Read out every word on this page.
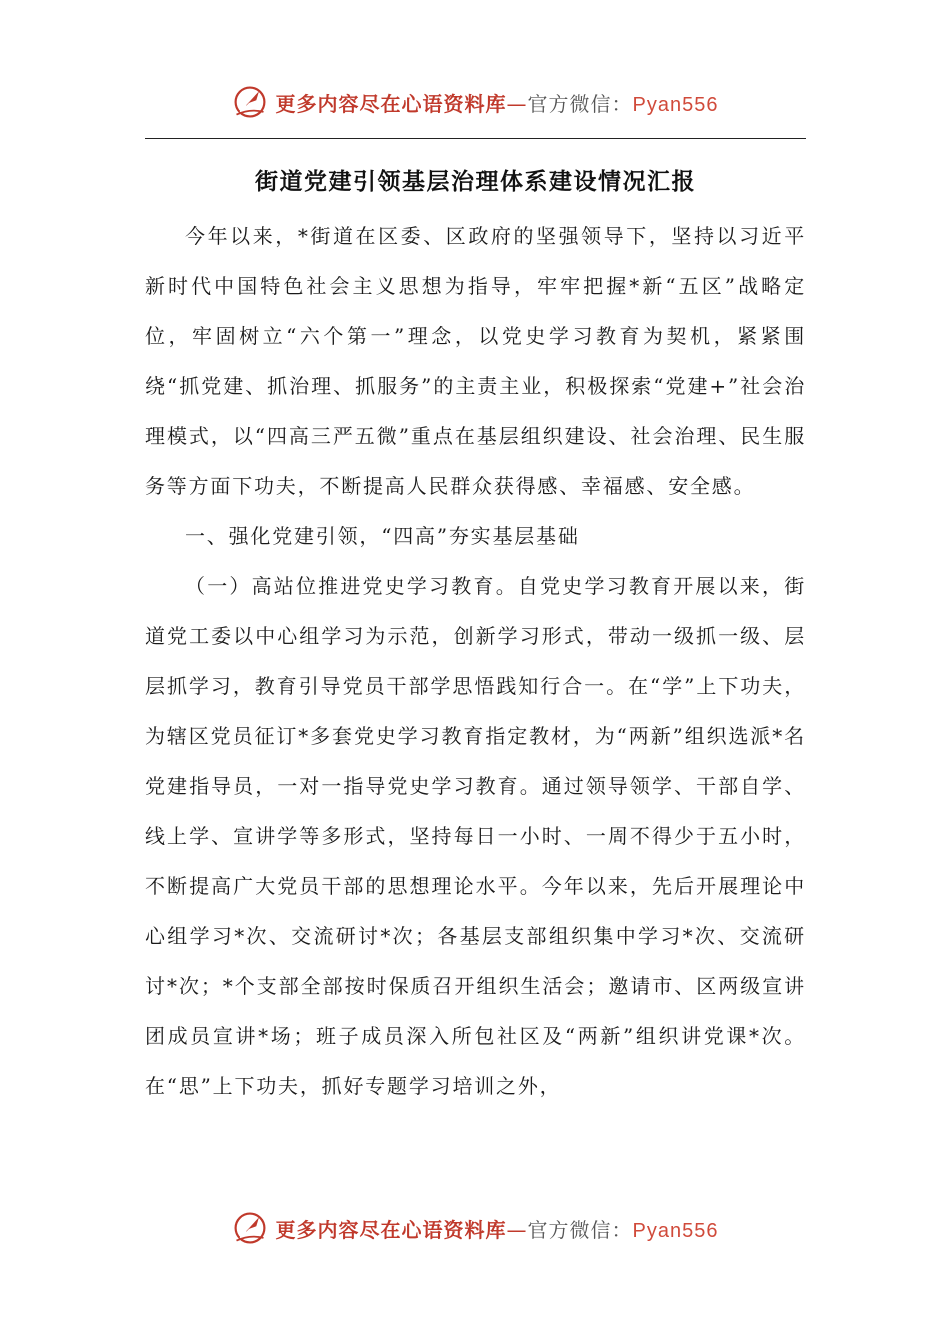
更多内容尽在心语资料库—官方微信：Pyan556
街道党建引领基层治理体系建设情况汇报

今年以来，*街道在区委、区政府的坚强领导下，坚持以习近平新时代中国特色社会主义思想为指导，牢牢把握*新“五区”战略定位，牢固树立“六个第一”理念，以党史学习教育为契机，紧紧围绕“抓党建、抓治理、抓服务”的主责主业，积极探索“党建+”社会治理模式，以“四高三严五微”重点在基层组织建设、社会治理、民生服务等方面下功夫，不断提高人民群众获得感、幸福感、安全感。

一、强化党建引领，“四高”夯实基层基础

（一）高站位推进党史学习教育。自党史学习教育开展以来，街道党工委以中心组学习为示范，创新学习形式，带动一级抓一级、层层抓学习，教育引导党员干部学思悟践知行合一。在“学”上下功夫，为辖区党员征订*多套党史学习教育指定教材，为“两新”组织选派*名党建指导员，一对一指导党史学习教育。通过领导领学、干部自学、线上学、宣讲学等多形式，坚持每日一小时、一周不得少于五小时，不断提高广大党员干部的思想理论水平。今年以来，先后开展理论中心组学习*次、交流研讨*次；各基层支部组织集中学习*次、交流研讨*次；*个支部全部按时保质召开组织生活会；邀请市、区两级宣讲团成员宣讲*场；班子成员深入所包社区及“两新”组织讲党课*次。在“思”上下功夫，抓好专题学习培训之外，

更多内容尽在心语资料库—官方微信：Pyan556
